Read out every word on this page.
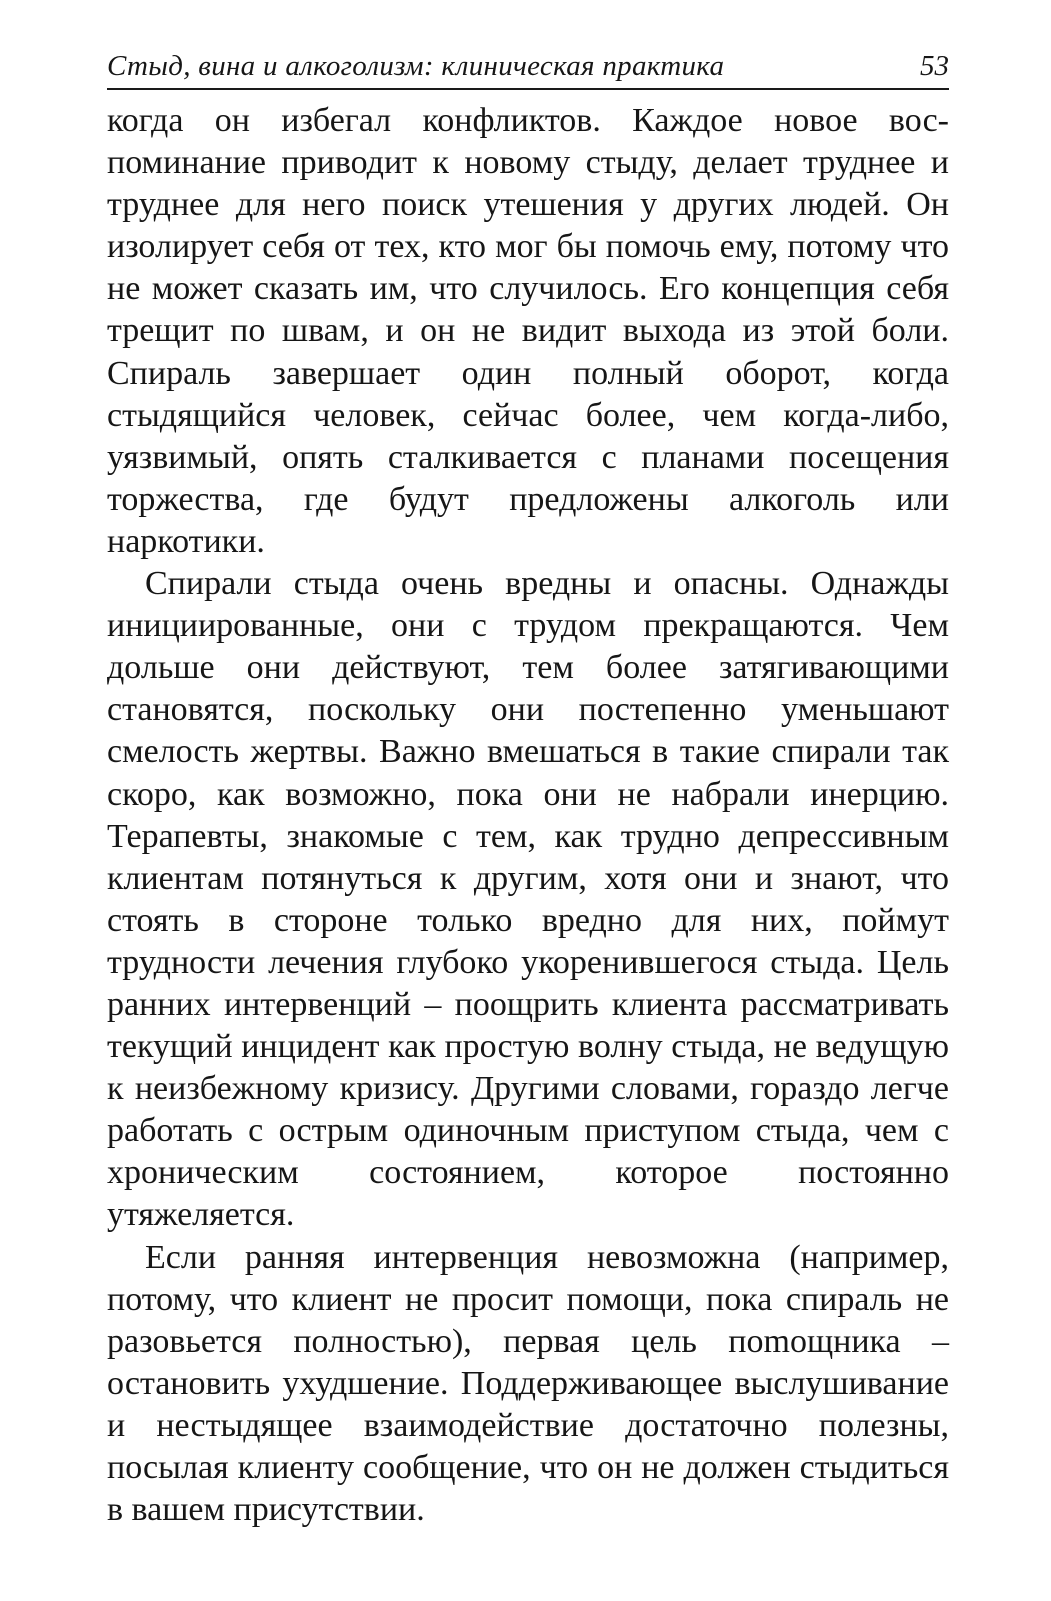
Стыд, вина и алкоголизм: клиническая практика	53

когда он избегал конфликтов. Каждое новое воспоминание приводит к новому стыду, делает труднее и труднее для него поиск утешения у других людей. Он изолирует себя от тех, кто мог бы помочь ему, потому что не может сказать им, что случилось. Его концепция себя трещит по швам, и он не видит выхода из этой боли. Спираль завершает один полный оборот, когда стыдящийся человек, сейчас более, чем когда-либо, уязвимый, опять сталкивается с планами посещения торжества, где будут предложены алкоголь или наркотики.

Спирали стыда очень вредны и опасны. Однажды инициированные, они с трудом прекращаются. Чем дольше они действуют, тем более затягивающими становятся, поскольку они постепенно уменьшают смелость жертвы. Важно вмешаться в такие спирали так скоро, как возможно, пока они не набрали инерцию. Терапевты, знакомые с тем, как трудно депрессивным клиентам потянуться к другим, хотя они и знают, что стоять в стороне только вредно для них, поймут трудности лечения глубоко укоренившегося стыда. Цель ранних интервенций – поощрить клиента рассматривать текущий инцидент как простую волну стыда, не ведущую к неизбежному кризису. Другими словами, гораздо легче работать с острым одиночным приступом стыда, чем с хроническим состоянием, которое постоянно утяжеляется.

Если ранняя интервенция невозможна (например, потому, что клиент не просит помощи, пока спираль не разовьется полностью), первая цель поmощника – остановить ухудшение. Поддерживающее выслушивание и нестыдящее взаимодействие достаточно полезны, посылая клиенту сообщение, что он не должен стыдиться в вашем присутствии.
